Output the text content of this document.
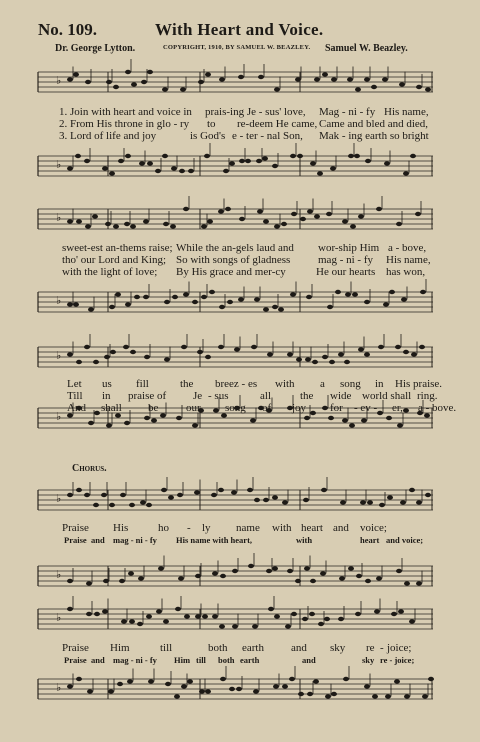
No. 109.	With Heart and Voice.
Dr. George Lytton.	COPYRIGHT, 1910, BY SAMUEL W. BEAZLEY. Samuel W. Beazley.
♭
♭
♭
♭
♭
♭
♭
♭
♭
♭
1. Join with heart and voice in prais-ing Je - sus' love, Mag - ni - fy His name,
2. From His throne in glo - ry to re-deem He came, Came and bled and died,
3. Lord of life and joy	is God's e - ter - nal Son, Mak - ing earth so bright
sweet-est an-thems raise; While the an-gels laud and wor-ship Him a - bove,
tho' our Lord and King; So with songs of gladness	mag - ni - fy His name,
with the light of love; By His grace and mer-cy	He our hearts has won,
Let us fill	the breez - es with a song in His praise.
Till in praise of Je - sus	all	the wide world shall ring.
And shall be	our song of joy for - ev - er, a - bove.
Chorus.
Praise His	ho - ly name with heart and voice;
Praise and mag - ni - fy His name with heart,	with	heart and voice;
Praise Him	till	both earth and sky re - joice;
Praise and mag - ni - fy Him till both earth	and	sky re - joice;
